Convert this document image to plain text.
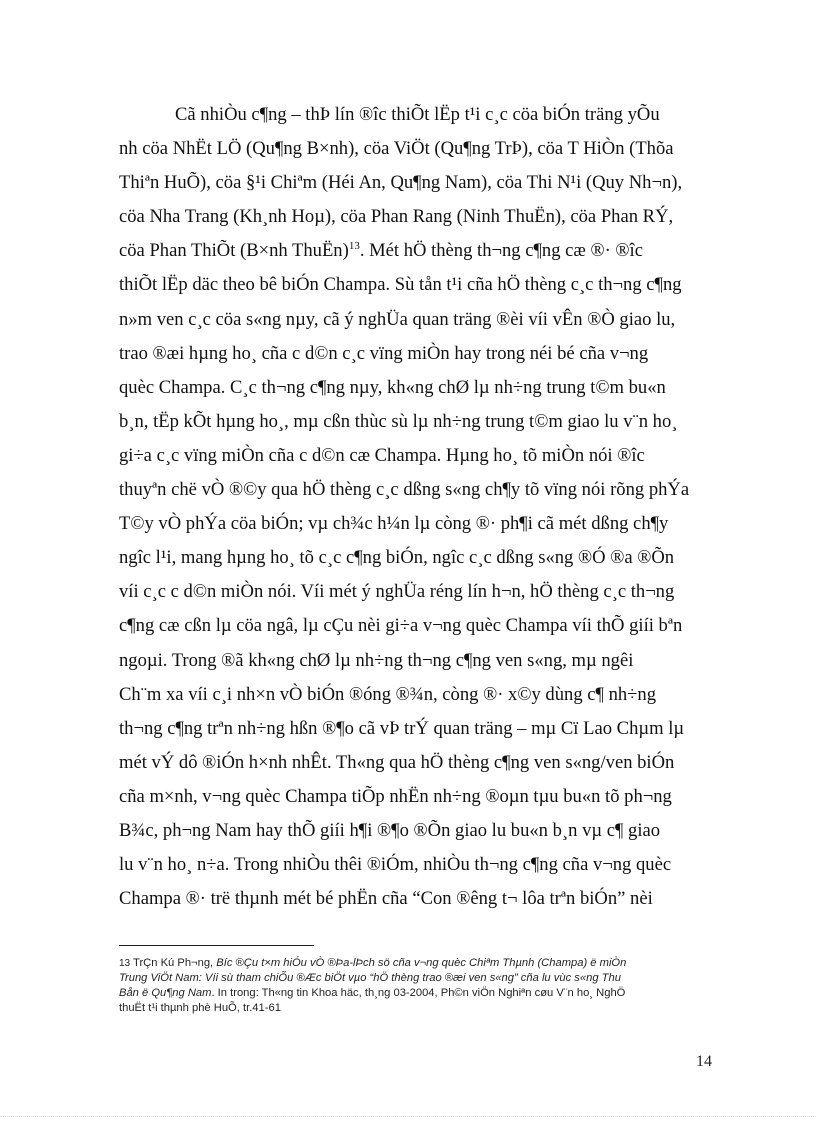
Cã nhiÒu c¶ng – thÞ lín ®îc thiÕt lËp t¹i c¸c cöa biÓn träng yÕu
nh cöa NhËt LÖ (Qu¶ng B×nh), cöa ViÖt (Qu¶ng TrÞ), cöa T HiÒn (Thõa
Thiªn HuÕ), cöa §¹i Chiªm (Héi An, Qu¶ng Nam), cöa Thi N¹i (Quy Nh¬n),
cöa Nha Trang (Kh¸nh Hoµ), cöa Phan Rang (Ninh ThuËn), cöa Phan RÝ,
cöa Phan ThiÕt (B×nh ThuËn)$^{13}$. Mét hÖ thèng th¬ng c¶ng cæ ®· ®îc
thiÕt lËp däc theo bê biÓn Champa. Sù tån t¹i cña hÖ thèng c¸c th¬ng c¶ng
n»m ven c¸c cöa s«ng nµy, cã ý nghÜa quan träng ®èi víi vÊn ®Ò giao lu,
trao ®æi hµng ho¸ cña c d©n c¸c vïng miÒn hay trong néi bé cña v¬ng
quèc Champa. C¸c th¬ng c¶ng nµy, kh«ng chØ lµ nh÷ng trung t©m bu«n
b¸n, tËp kÕt hµng ho¸, mµ cßn thùc sù lµ nh÷ng trung t©m giao lu v¨n ho¸
gi÷a c¸c vïng miÒn cña c d©n cæ Champa. Hµng ho¸ tõ miÒn nói ®îc
thuyªn chë vÒ ®©y qua hÖ thèng c¸c dßng s«ng ch¶y tõ vïng nói rõng phÝa
T©y vÒ phÝa cöa biÓn; vµ ch¾c h¼n lµ còng ®· ph¶i cã mét dßng ch¶y
ngîc l¹i, mang hµng ho¸ tõ c¸c c¶ng biÓn, ngîc c¸c dßng s«ng ®Ó ®a ®Õn
víi c¸c c d©n miÒn nói. Víi mét ý nghÜa réng lín h¬n, hÖ thèng c¸c th¬ng
c¶ng cæ cßn lµ cöa ngâ, lµ cÇu nèi gi÷a v¬ng quèc Champa víi thÕ giíi bªn
ngoµi. Trong ®ã kh«ng chØ lµ nh÷ng th¬ng c¶ng ven s«ng, mµ ngêi
Ch¨m xa víi c¸i nh×n vÒ biÓn ®óng ®¾n, còng ®· x©y dùng c¶ nh÷ng
th¬ng c¶ng trªn nh÷ng hßn ®¶o cã vÞ trÝ quan träng – mµ Cï Lao Chµm lµ
mét vÝ dô ®iÓn h×nh nhÊt. Th«ng qua hÖ thèng c¶ng ven s«ng/ven biÓn
cña m×nh, v¬ng quèc Champa tiÕp nhËn nh÷ng ®oµn tµu bu«n tõ ph¬ng
B¾c, ph¬ng Nam hay thÕ giíi h¶i ®¶o ®Õn giao lu bu«n b¸n vµ c¶ giao
lu v¨n ho¸ n÷a. Trong nhiÒu thêi ®iÓm, nhiÒu th¬ng c¶ng cña v¬ng quèc
Champa ®· trë thµnh mét bé phËn cña “Con ®êng t¬ lôa trªn biÓn” nèi
13 TrÇn Kú Ph¬ng, Bíc ®Çu t×m hiÓu vÒ ®Þa-lÞch sö cña v¬ng quèc Chiªm Thµnh (Champa) ë miÒn
Trung ViÖt Nam: Víi sù tham chiÕu ®Æc biÖt vµo “hÖ thèng trao ®æi ven s«ng” cña lu vùc s«ng Thu
Bån ë Qu¶ng Nam. In trong: Th«ng tin Khoa häc, th¸ng 03-2004, Ph©n viÖn Nghiªn cøu V¨n ho¸ NghÖ
thuËt t¹i thµnh phè HuÕ, tr.41-61
14
